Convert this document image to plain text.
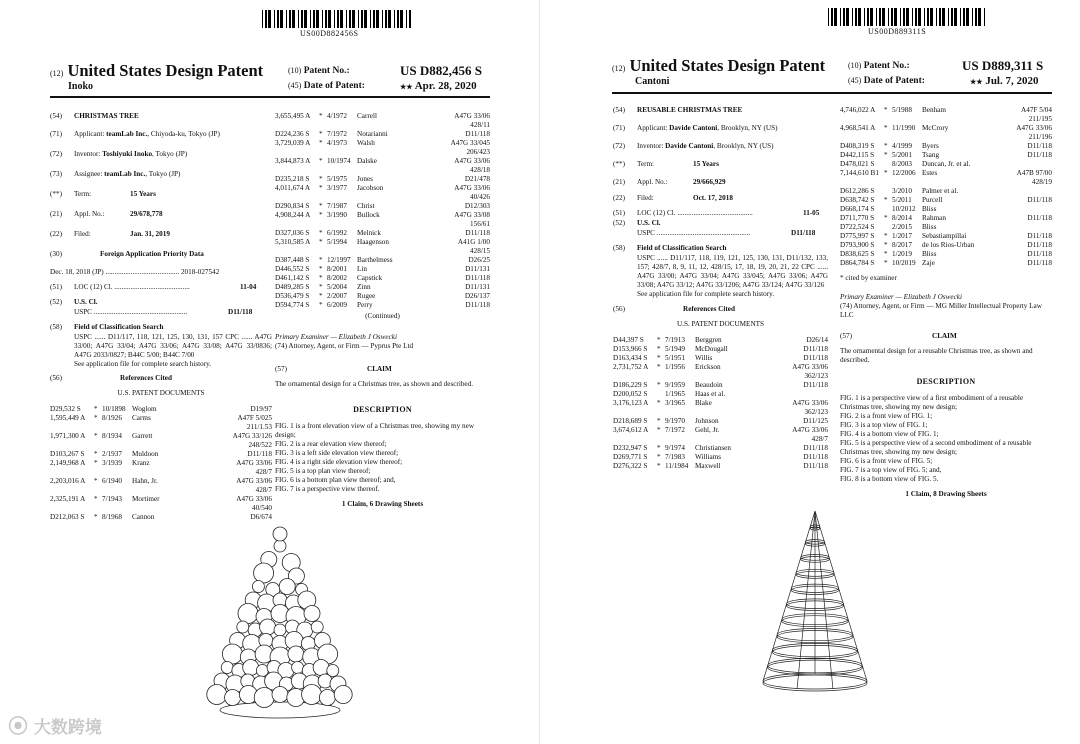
US00D882456S
(12) United States Design Patent
Inoko
(10) Patent No.:	US D882,456 S
(45) Date of Patent:	★★ Apr. 28, 2020
(54) CHRISTMAS TREE
(71) Applicant: teamLab Inc., Chiyoda-ku, Tokyo (JP)
(72) Inventor: Toshiyuki Inoko, Tokyo (JP)
(73) Assignee: teamLab Inc., Tokyo (JP)
(**) Term:	15 Years
(21) Appl. No.:	29/678,778
(22) Filed:	Jan. 31, 2019
(30)	Foreign Application Priority Data
Dec. 18, 2018 (JP) ......................................... 2018-027542
(51) LOC (12) Cl. ..........................................	11-04
(52) U.S. Cl.
USPC ....................................................	D11/118
(58) Field of Classification Search

USPC ...... D11/117, 118, 121, 125, 130, 131, 157 CPC ...... A47G 33/00; A47G 33/04; A47G 33/06; A47G 33/08; A47G 33/0836; A47G 2033/0827; B44C 5/00; B44C 7/00

See application file for complete search history.

(56)	References Cited
U.S. PATENT DOCUMENTS
D29,532 S * 10/1898 Woglom	D19/97
1,595,449 A * 8/1926 Carms	A47F 5/025
211/1.53
1,971,300 A * 8/1934 Garrett	A47G 33/126
248/522
D103,267 S * 2/1937 Muldoon	D11/118
2,149,968 A * 3/1939 Kranz	A47G 33/06
428/7
2,203,016 A * 6/1940 Hahn, Jr.	A47G 33/06
428/7
2,325,191 A * 7/1943 Mortimer	A47G 33/06
40/540
D212,063 S * 8/1968 Cannon	D6/674
3,655,495 A * 4/1972 Carrell	A47G 33/06
428/11
D224,236 S * 7/1972 Notarianni	D11/118
3,729,039 A * 4/1973 Walsh	A47G 33/045
206/423
3,844,873 A * 10/1974 Dalske	A47G 33/06
428/18
D235,218 S * 5/1975 Jones	D21/478
4,011,674 A * 3/1977 Jacobson	A47G 33/06
40/426
D290,834 S * 7/1987 Christ	D12/303
4,908,244 A * 3/1990 Bullock	A47G 33/08
156/61
D327,036 S * 6/1992 Melnick	D11/118
5,310,585 A * 5/1994 Haagenson	A41G 1/00
428/15
D387,448 S * 12/1997 Barthelmess	D26/25
D446,552 S * 8/2001 Lin	D11/131
D461,142 S * 8/2002 Capstick	D11/118
D489,285 S * 5/2004 Zinn	D11/131
D536,479 S * 2/2007 Rugee	D26/137
D594,774 S * 6/2009 Perry	D11/118
(Continued)

Primary Examiner — Elizabeth J Oswecki

(74) Attorney, Agent, or Firm — Pyprus Pte Ltd

(57)	CLAIM

The ornamental design for a Christmas tree, as shown and described.

DESCRIPTION

FIG. 1 is a front elevation view of a Christmas tree, showing my new design;

FIG. 2 is a rear elevation view thereof;

FIG. 3 is a left side elevation view thereof;

FIG. 4 is a right side elevation view thereof;

FIG. 5 is a top plan view thereof;

FIG. 6 is a bottom plan view thereof; and,

FIG. 7 is a perspective view thereof.

1 Claim, 6 Drawing Sheets
⦿ 大数跨境
US00D889311S
(12) United States Design Patent
Cantoni
(10) Patent No.:	US D889,311 S
(45) Date of Patent:	★★ Jul. 7, 2020
(54) REUSABLE CHRISTMAS TREE
(71) Applicant: Davide Cantoni, Brooklyn, NY (US)
(72) Inventor: Davide Cantoni, Brooklyn, NY (US)
(**) Term:	15 Years
(21) Appl. No.:	29/666,929
(22) Filed:	Oct. 17, 2018
(51) LOC (12) Cl. ..........................................	11-05
(52) U.S. Cl.
USPC ....................................................	D11/118
(58) Field of Classification Search

USPC ...... D11/117, 118, 119, 121, 125, 130, 131, D11/132, 133, 157; 428/7, 8, 9, 11, 12, 428/15, 17, 18, 19, 20, 21, 22 CPC ...... A47G 33/00; A47G 33/04; A47G 33/045; A47G 33/06; A47G 33/08; A47G 33/12; A47G 33/1206; A47G 33/124; A47G 33/126

See application file for complete search history.

(56)	References Cited
U.S. PATENT DOCUMENTS
D44,397 S * 7/1913 Berggren	D26/14
D153,966 S * 5/1949 McDougall	D11/118
D163,434 S * 5/1951 Willis	D11/118
2,731,752 A * 1/1956 Erickson	A47G 33/06
362/123
D186,229 S * 9/1959 Beaudoin	D11/118
D200,052 S 1/1965 Haas et al.
3,176,123 A * 3/1965 Blake	A47G 33/06
362/123
D218,689 S * 9/1970 Johnson	D11/125
3,674,612 A * 7/1972 Gehl, Jr.	A47G 33/06
428/7
D232,947 S * 9/1974 Christiansen	D11/118
D269,771 S * 7/1983 Williams	D11/118
D276,322 S * 11/1984 Maxwell	D11/118
4,746,022 A * 5/1988 Benham	A47F 5/04
211/195
4,968,541 A * 11/1990 McCrory	A47G 33/06
211/196
D408,319 S * 4/1999 Byers	D11/118
D442,115 S * 5/2001 Tsang	D11/118
D478,021 S 8/2003 Duncan, Jr. et al.
7,144,610 B1 * 12/2006 Estes	A47B 97/00
428/19
D612,286 S 3/2010 Palmer et al.
D638,742 S * 5/2011 Purcell	D11/118
D668,174 S 10/2012 Bliss
D711,770 S * 8/2014 Rahman	D11/118
D722,524 S 2/2015 Bliss
D775,997 S * 1/2017 Sebastiampillai	D11/118
D793,900 S * 8/2017 de los Rios-Urban	D11/118
D838,625 S * 1/2019 Bliss	D11/118
D864,784 S * 10/2019 Zaje	D11/118

* cited by examiner

Primary Examiner — Elizabeth J Oswecki

(74) Attorney, Agent, or Firm — MG Miller Intellectual Property Law LLC

(57)	CLAIM

The ornamental design for a reusable Christmas tree, as shown and described.

DESCRIPTION

FIG. 1 is a perspective view of a first embodiment of a reusable Christmas tree, showing my new design;

FIG. 2 is a front view of FIG. 1;

FIG. 3 is a top view of FIG. 1;

FIG. 4 is a bottom view of FIG. 1;

FIG. 5 is a perspective view of a second embodiment of a reusable Christmas tree, showing my new design;

FIG. 6 is a front view of FIG. 5;

FIG. 7 is a top view of FIG. 5; and,

FIG. 8 is a bottom view of FIG. 5.

1 Claim, 8 Drawing Sheets
